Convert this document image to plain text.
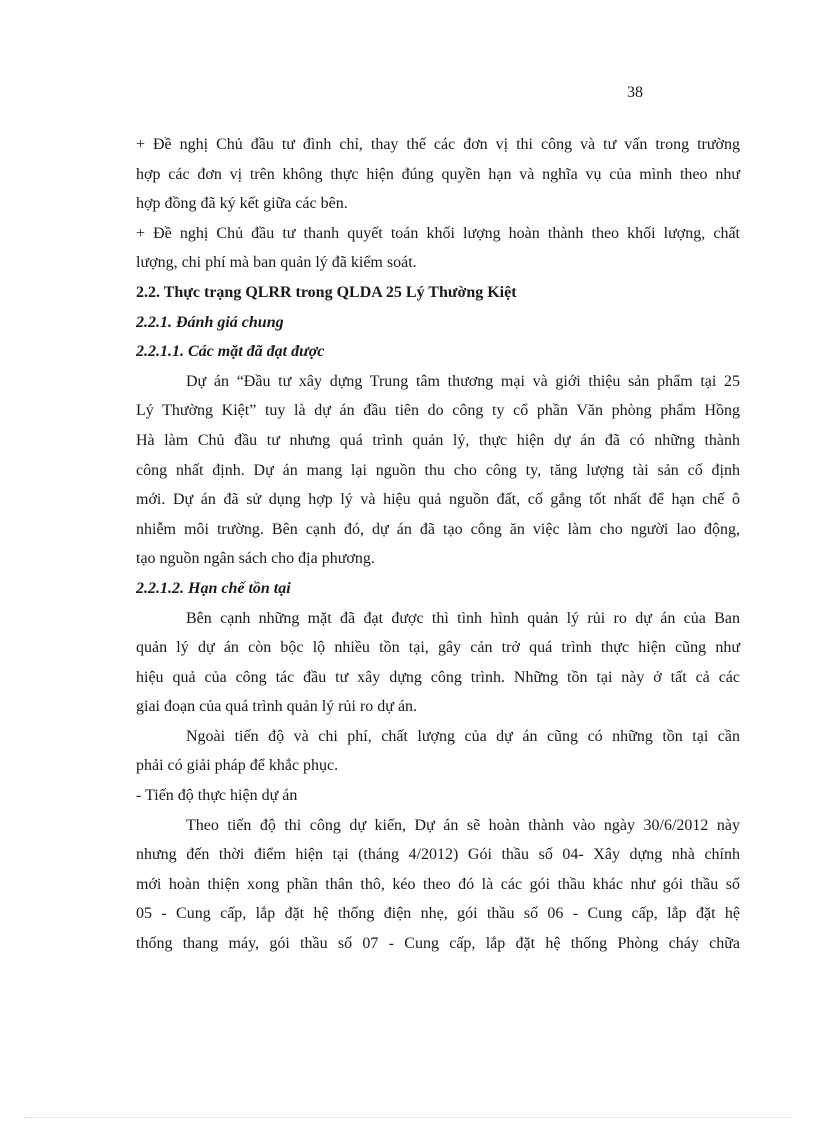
38
+ Đề nghị Chủ đầu tư đình chỉ, thay thế các đơn vị thi công và tư vấn trong trường
hợp các đơn vị trên không thực hiện đúng quyền hạn và nghĩa vụ của mình theo như
hợp đồng đã ký kết giữa các bên.
+ Đề nghị Chủ đầu tư thanh quyết toán khối lượng hoàn thành theo khối lượng, chất
lượng, chi phí mà ban quản lý đã kiểm soát.
2.2. Thực trạng QLRR trong QLDA 25 Lý Thường Kiệt
2.2.1. Đánh giá chung
2.2.1.1. Các mặt đã đạt được
Dự án “Đầu tư xây dựng Trung tâm thương mại và giới thiệu sản phẩm tại 25
Lý Thường Kiệt” tuy là dự án đầu tiên do công ty cổ phần Văn phòng phẩm Hồng
Hà làm Chủ đầu tư nhưng quá trình quản lý, thực hiện dự án đã có những thành
công nhất định. Dự án mang lại nguồn thu cho công ty, tăng lượng tài sản cố định
mới. Dự án đã sử dụng hợp lý và hiệu quả nguồn đất, cố gắng tốt nhất để hạn chế ô
nhiễm môi trường. Bên cạnh đó, dự án đã tạo công ăn việc làm cho người lao động,
tạo nguồn ngân sách cho địa phương.
2.2.1.2. Hạn chế tồn tại
Bên cạnh những mặt đã đạt được thì tình hình quản lý rủi ro dự án của Ban
quản lý dự án còn bộc lộ nhiều tồn tại, gây cản trở quá trình thực hiện cũng như
hiệu quả của công tác đầu tư xây dựng công trình. Những tồn tại này ở tất cả các
giai đoạn của quá trình quản lý rủi ro dự án.
Ngoài tiến độ và chi phí, chất lượng của dự án cũng có những tồn tại cần
phải có giải pháp để khắc phục.
- Tiến độ thực hiện dự án
Theo tiến độ thi công dự kiến, Dự án sẽ hoàn thành vào ngày 30/6/2012 này
nhưng đến thời điểm hiện tại (tháng 4/2012) Gói thầu số 04- Xây dựng nhà chính
mới hoàn thiện xong phần thân thô, kéo theo đó là các gói thầu khác như gói thầu số
05 - Cung cấp, lắp đặt hệ thống điện nhẹ, gói thầu số 06 - Cung cấp, lắp đặt hệ
thống thang máy, gói thầu số 07 - Cung cấp, lắp đặt hệ thống Phòng cháy chữa
